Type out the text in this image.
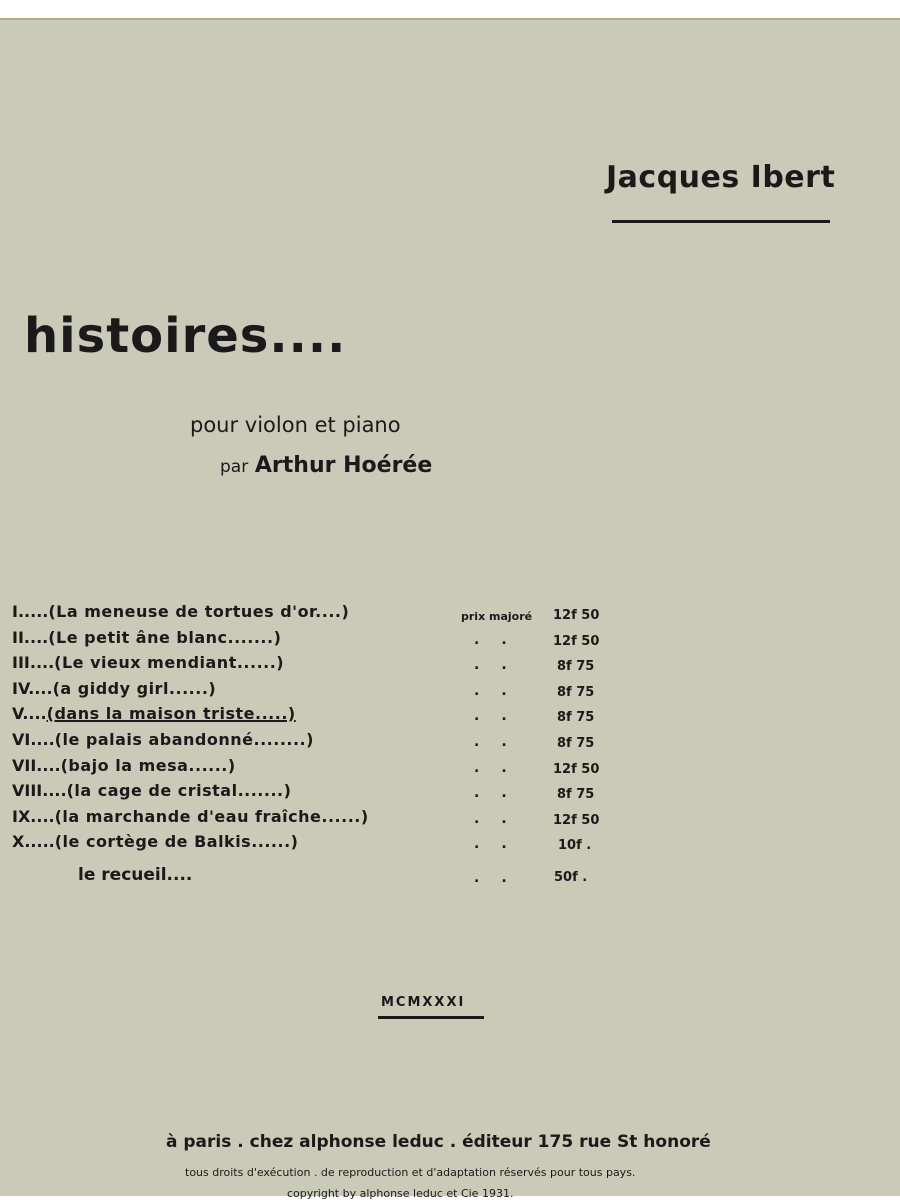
Jacques Ibert
histoires....
pour violon et piano
par Arthur Hoérée
prix majoré
I.....(La meneuse de tortues d'or....)	12f 50
II....(Le petit âne blanc.......)	.. 12f 50
III....(Le vieux mendiant......)	.. 8f 75
IV....(a giddy girl......)	.. 8f 75
V....(dans la maison triste.....)	.. 8f 75
VI....(le palais abandonné........)	.. 8f 75
VII....(bajo la mesa......)	.. 12f 50
VIII....(la cage de cristal.......)	.. 8f 75
IX....(la marchande d'eau fraîche......)	.. 12f 50
X.....(le cortège de Balkis......)	.. 10f .
le recueil....	.. 50f .
MCMXXXI
à paris . chez alphonse leduc . éditeur 175 rue St honoré
tous droits d'exécution . de reproduction et d'adaptation réservés pour tous pays.
copyright by alphonse leduc et Cie 1931.
